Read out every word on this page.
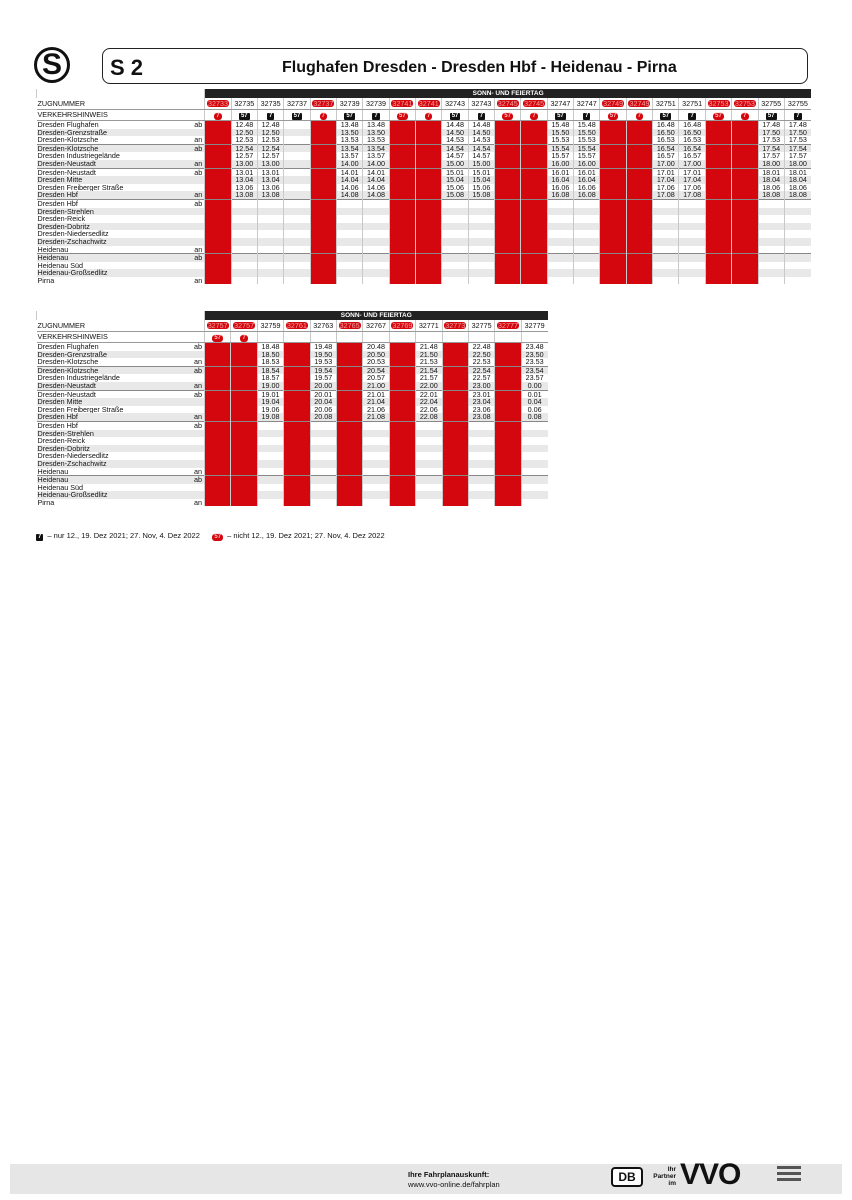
S S 2	Flughafen Dresden - Dresden Hbf - Heidenau - Pirna
		SONN- UND FEIERTAG																						
ZUGNUMMER		32733	32735	32735	32737	32737	32739	32739	32741	32741	32743	32743	32745	32745	32747	32747	32749	32749	32751	32751	32753	32753	32755	32755
VERKEHRSHINWEIS		7	57	7	57	7	57	7	57	7	57	7	57	7	57	7	57	7	57	7	57	7	57	7
Dresden Flughafen	ab		12.48	12.48			13.48	13.48			14.48	14.48			15.48	15.48			16.48	16.48			17.48	17.48
Dresden-Grenzstraße			12.50	12.50			13.50	13.50			14.50	14.50			15.50	15.50			16.50	16.50			17.50	17.50
Dresden-Klotzsche	an		12.53	12.53			13.53	13.53			14.53	14.53			15.53	15.53			16.53	16.53			17.53	17.53
Dresden-Klotzsche	ab		12.54	12.54			13.54	13.54			14.54	14.54			15.54	15.54			16.54	16.54			17.54	17.54
Dresden Industriegelände			12.57	12.57			13.57	13.57			14.57	14.57			15.57	15.57			16.57	16.57			17.57	17.57
Dresden-Neustadt	an		13.00	13.00			14.00	14.00			15.00	15.00			16.00	16.00			17.00	17.00			18.00	18.00
Dresden-Neustadt	ab		13.01	13.01			14.01	14.01			15.01	15.01			16.01	16.01			17.01	17.01			18.01	18.01
Dresden Mitte			13.04	13.04			14.04	14.04			15.04	15.04			16.04	16.04			17.04	17.04			18.04	18.04
Dresden Freiberger Straße			13.06	13.06			14.06	14.06			15.06	15.06			16.06	16.06			17.06	17.06			18.06	18.06
Dresden Hbf	an		13.08	13.08			14.08	14.08			15.08	15.08			16.08	16.08			17.08	17.08			18.08	18.08
Dresden Hbf	ab																							
Dresden-Strehlen																								
Dresden-Reick																								
Dresden-Dobritz																								
Dresden-Niedersedlitz																								
Dresden-Zschachwitz																								
Heidenau	an																							
Heidenau	ab																							
Heidenau Süd																								
Heidenau-Großsedlitz																								
Pirna	an																							
		SONN- UND FEIERTAG												
ZUGNUMMER		32757	32757	32759	32761	32763	32765	32767	32769	32771	32773	32775	32777	32779
VERKEHRSHINWEIS		57	7											
Dresden Flughafen	ab			18.48		19.48		20.48		21.48		22.48		23.48
Dresden-Grenzstraße				18.50		19.50		20.50		21.50		22.50		23.50
Dresden-Klotzsche	an			18.53		19.53		20.53		21.53		22.53		23.53
Dresden-Klotzsche	ab			18.54		19.54		20.54		21.54		22.54		23.54
Dresden Industriegelände				18.57		19.57		20.57		21.57		22.57		23.57
Dresden-Neustadt	an			19.00		20.00		21.00		22.00		23.00		0.00
Dresden-Neustadt	ab			19.01		20.01		21.01		22.01		23.01		0.01
Dresden Mitte				19.04		20.04		21.04		22.04		23.04		0.04
Dresden Freiberger Straße				19.06		20.06		21.06		22.06		23.06		0.06
Dresden Hbf	an			19.08		20.08		21.08		22.08		23.08		0.08
Dresden Hbf	ab													
Dresden-Strehlen														
Dresden-Reick														
Dresden-Dobritz														
Dresden-Niedersedlitz														
Dresden-Zschachwitz														
Heidenau	an													
Heidenau	ab													
Heidenau Süd														
Heidenau-Großsedlitz														
Pirna	an													
7 – nur 12., 19. Dez 2021; 27. Nov, 4. Dez 2022 57 – nicht 12., 19. Dez 2021; 27. Nov, 4. Dez 2022
Ihre Fahrplanauskunft:
www.vvo-online.de/fahrplan
DB
Ihr Partner im VVO
